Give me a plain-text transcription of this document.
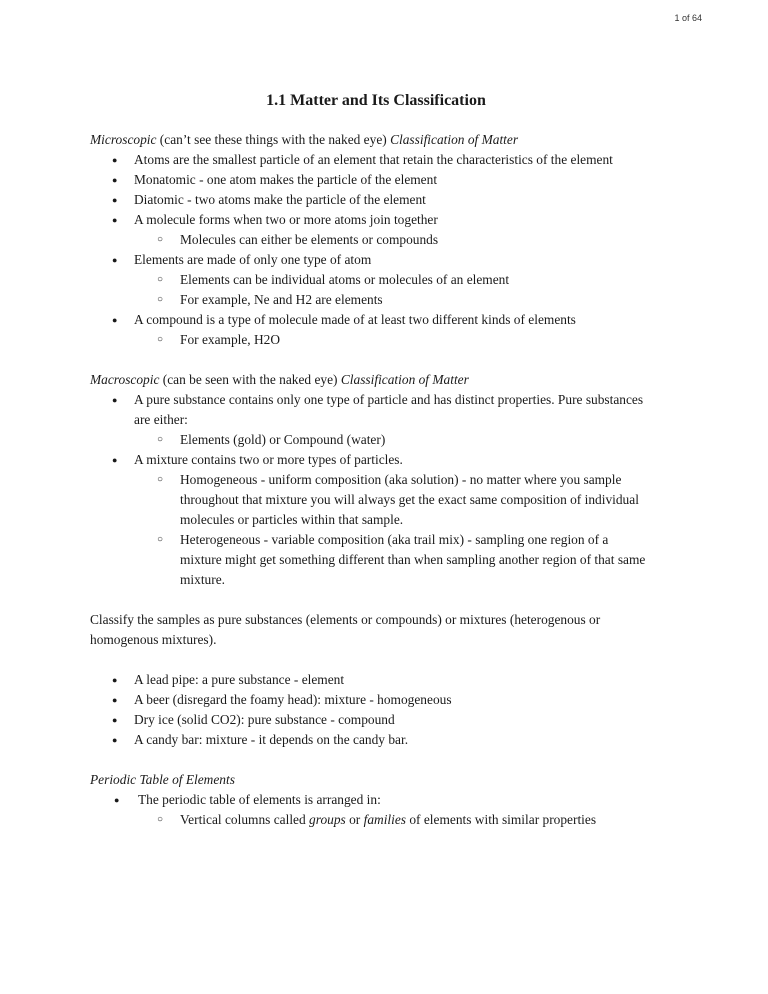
1 of 64
1.1 Matter and Its Classification

Microscopic (can’t see these things with the naked eye) Classification of Matter

● Atoms are the smallest particle of an element that retain the characteristics of the element
● Monatomic - one atom makes the particle of the element
● Diatomic - two atoms make the particle of the element
● A molecule forms when two or more atoms join together
○ Molecules can either be elements or compounds
● Elements are made of only one type of atom
○ Elements can be individual atoms or molecules of an element
○ For example, Ne and H2 are elements
● A compound is a type of molecule made of at least two different kinds of elements
○ For example, H2O

Macroscopic (can be seen with the naked eye) Classification of Matter

● A pure substance contains only one type of particle and has distinct properties. Pure substances are either:
○ Elements (gold) or Compound (water)
● A mixture contains two or more types of particles.
○ Homogeneous - uniform composition (aka solution) - no matter where you sample throughout that mixture you will always get the exact same composition of individual molecules or particles within that sample.
○ Heterogeneous - variable composition (aka trail mix) - sampling one region of a mixture might get something different than when sampling another region of that same mixture.

Classify the samples as pure substances (elements or compounds) or mixtures (heterogenous or homogenous mixtures).

● A lead pipe: a pure substance - element
● A beer (disregard the foamy head): mixture - homogeneous
● Dry ice (solid CO2): pure substance - compound
● A candy bar: mixture - it depends on the candy bar.

Periodic Table of Elements

● The periodic table of elements is arranged in:
○ Vertical columns called groups or families of elements with similar properties
